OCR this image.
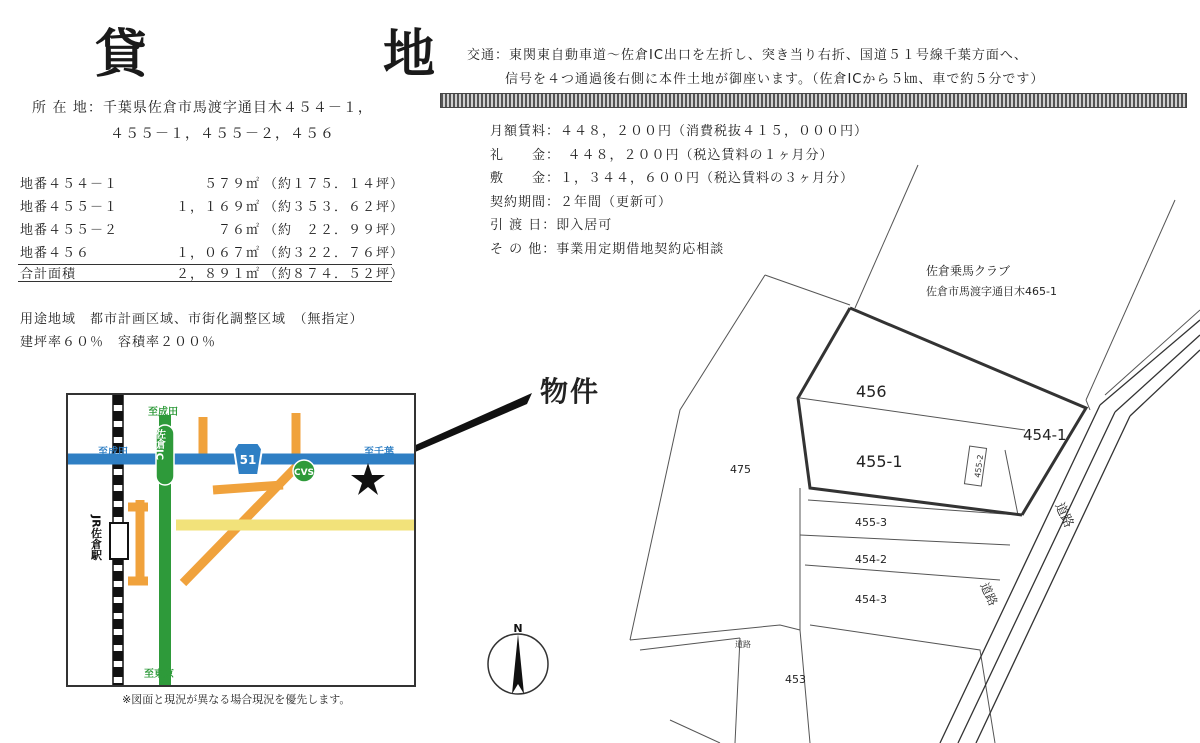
貸　地
所 在 地：千葉県佐倉市馬渡字通目木４５４－１，
４５５－１，４５５－２，４５６
地番４５４－１	５７９㎡ （約１７５．１４坪）
地番４５５－１	１，１６９㎡ （約３５３．６２坪）
地番４５５－２	７６㎡ （約　２２．９９坪）
地番４５６	１，０６７㎡ （約３２２．７６坪）
合計面積	２，８９１㎡ （約８７４．５２坪）
用途地域　都市計画区域、市街化調整区域　（無指定）
建坪率６０％　容積率２００％
交通：東関東自動車道～佐倉IC出口を左折し、突き当り右折、国道５１号線千葉方面へ、
信号を４つ通過後右側に本件土地が御座います。（佐倉ICから５㎞、車で約５分です）
月額賃料：４４８，２００円（消費税抜４１５，０００円）
礼　　金：　４４８，２００円（税込賃料の１ヶ月分）
敷　　金：１，３４４，６００円（税込賃料の３ヶ月分）
契約期間：２年間（更新可）
引 渡 日：即入居可
そ の 他：事業用定期借地契約応相談
物件
JR佐倉駅
佐倉IC	51
CVS
至成田
至成田	至千葉
至東京
※図面と現況が異なる場合現況を優先します。
455-2
佐倉乗馬クラブ
佐倉市馬渡字通目木465-1
456
455-1
454-1
455-3
454-2
454-3
475
453
道路
道路
道路
N
